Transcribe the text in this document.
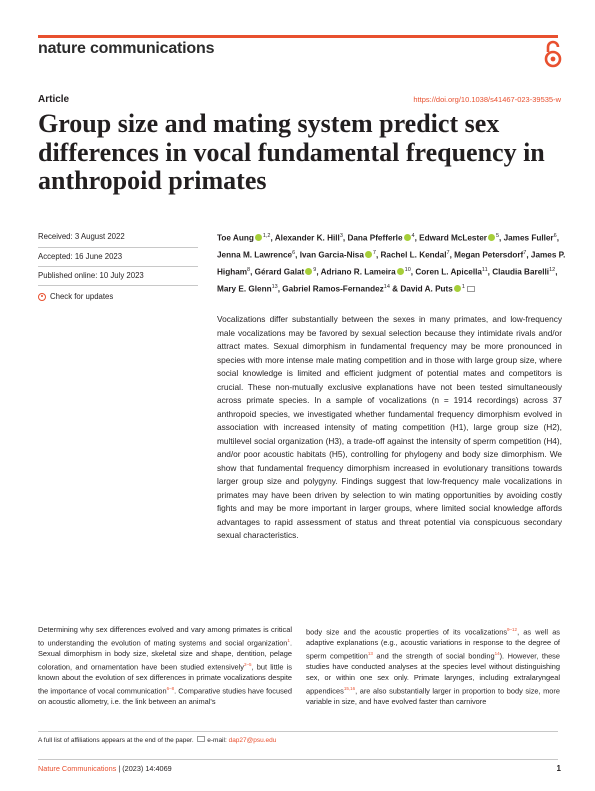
nature communications
Article	https://doi.org/10.1038/s41467-023-39535-w
Group size and mating system predict sex differences in vocal fundamental frequency in anthropoid primates
Received: 3 August 2022
Accepted: 16 June 2023
Published online: 10 July 2023
Check for updates
Toe Aung $^{1,2}$, Alexander K. Hill$^3$, Dana Pfefferle $^4$, Edward McLester $^5$, James Fuller$^6$, Jenna M. Lawrence$^6$, Ivan Garcia-Nisa $^7$, Rachel L. Kendal$^7$, Megan Petersdorf$^7$, James P. Higham$^8$, Gérard Galat $^9$, Adriano R. Lameira $^{10}$, Coren L. Apicella$^{11}$, Claudia Barelli$^{12}$, Mary E. Glenn$^{13}$, Gabriel Ramos-Fernandez$^{14}$ & David A. Puts $^1$

Vocalizations differ substantially between the sexes in many primates, and low-frequency male vocalizations may be favored by sexual selection because they intimidate rivals and/or attract mates. Sexual dimorphism in fundamental frequency may be more pronounced in species with more intense male mating competition and in those with large group size, where social knowledge is limited and efficient judgment of potential mates and competitors is crucial. These non-mutually exclusive explanations have not been tested simultaneously across primate species. In a sample of vocalizations (n = 1914 recordings) across 37 anthropoid species, we investigated whether fundamental frequency dimorphism evolved in association with increased intensity of mating competition (H1), large group size (H2), multilevel social organization (H3), a trade-off against the intensity of sperm competition (H4), and/or poor acoustic habitats (H5), controlling for phylogeny and body size dimorphism. We show that fundamental frequency dimorphism increased in evolutionary transitions towards larger group size and polygyny. Findings suggest that low-frequency male vocalizations in primates may have been driven by selection to win mating opportunities by avoiding costly fights and may be more important in larger groups, where limited social knowledge affords advantages to rapid assessment of status and threat potential via conspicuous secondary sexual characteristics.

Determining why sex differences evolved and vary among primates is critical to understanding the evolution of mating systems and social organization$^1$. Sexual dimorphism in body size, skeletal size and shape, dentition, pelage coloration, and ornamentation have been studied extensively$^{2-5}$, but little is known about the evolution of sex differences in primate vocalizations despite the importance of vocal communication$^{6-8}$. Comparative studies have focused on acoustic allometry, i.e. the link between an animal's

body size and the acoustic properties of its vocalizations$^{9-12}$, as well as adaptive explanations (e.g., acoustic variations in response to the degree of sperm competition$^{13}$ and the strength of social bonding$^{14}$). However, these studies have conducted analyses at the species level without distinguishing sex, or within one sex only. Primate larynges, including extralaryngeal appendices$^{15,16}$, are also substantially larger in proportion to body size, more variable in size, and have evolved faster than carnivore

A full list of affiliations appears at the end of the paper. e-mail: dap27@psu.edu
Nature Communications | (2023) 14:4069	1
